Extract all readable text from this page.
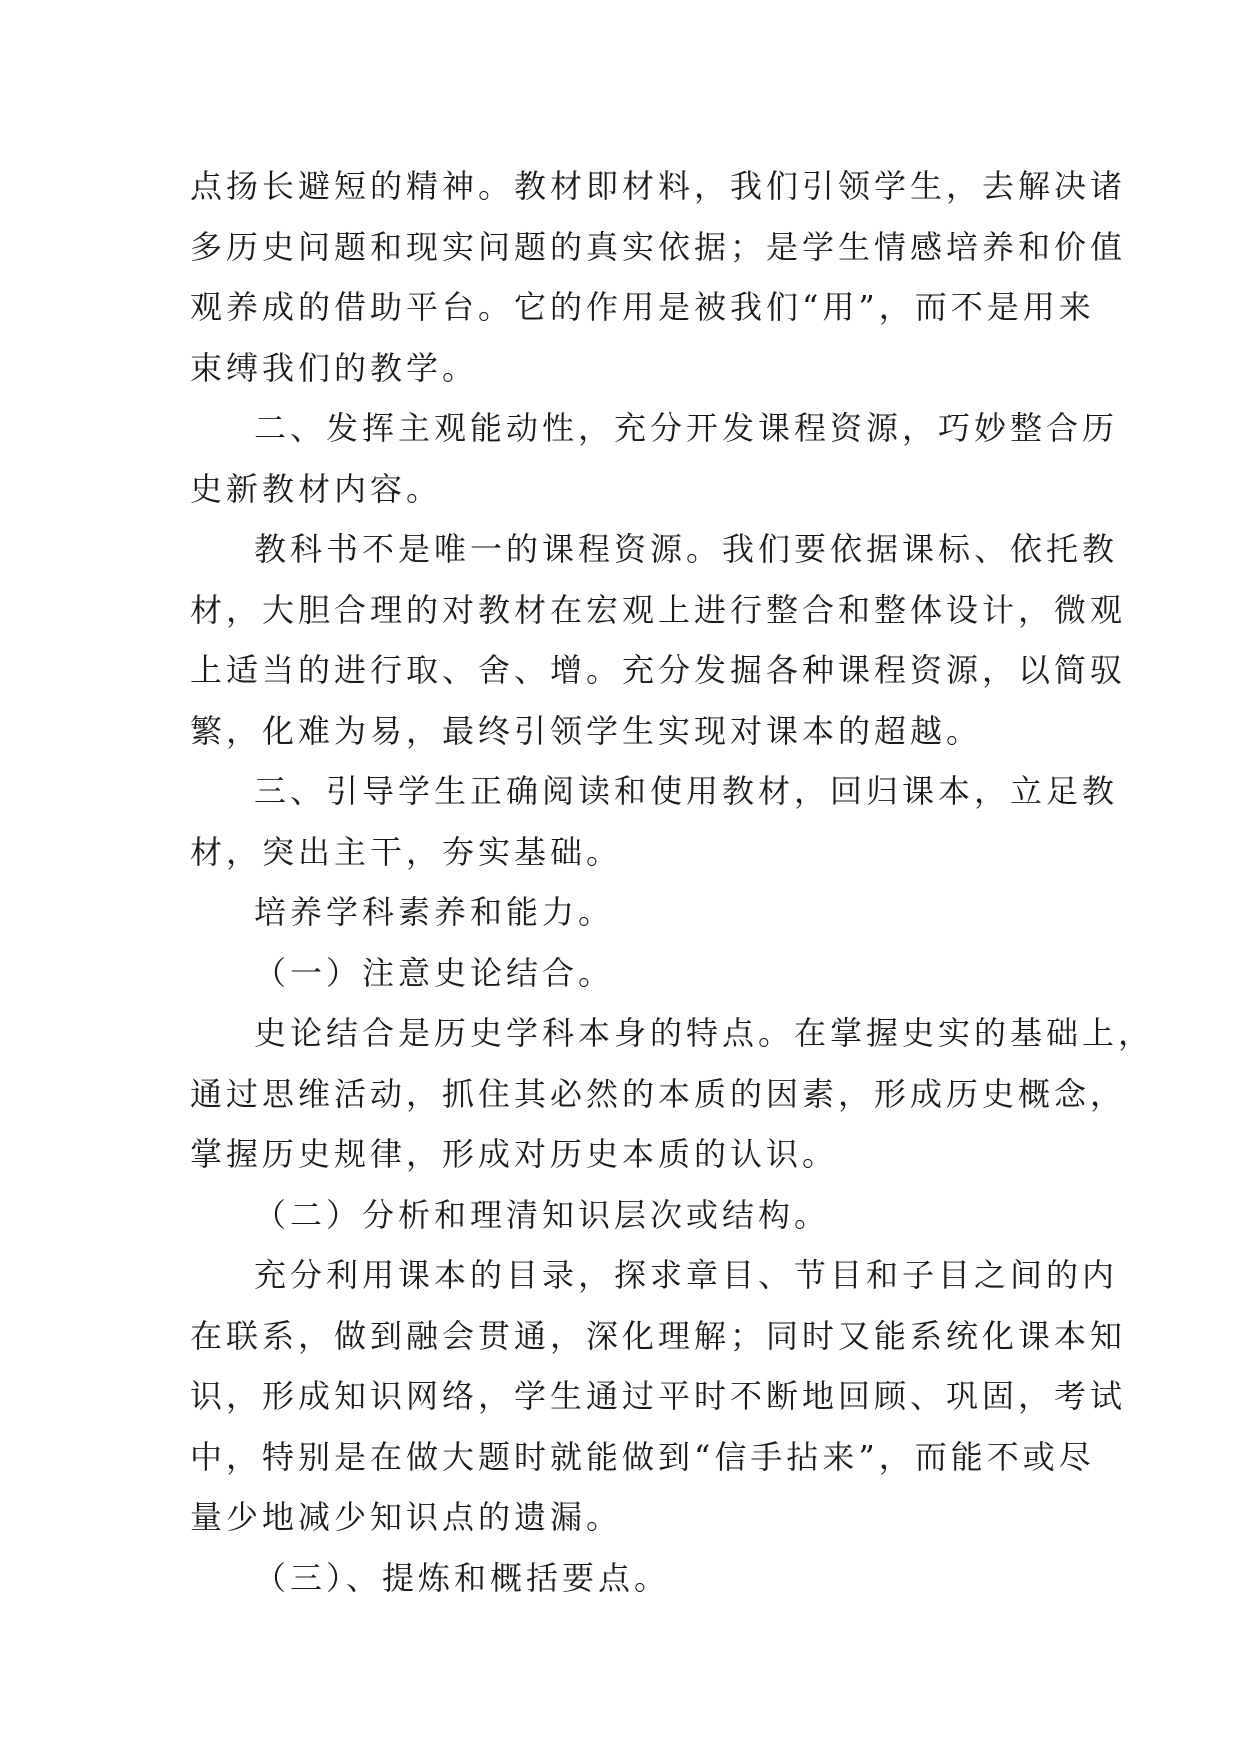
点扬长避短的精神。教材即材料，我们引领学生，去解决诸
多历史问题和现实问题的真实依据；是学生情感培养和价值
观养成的借助平台。它的作用是被我们“用”，而不是用来
束缚我们的教学。
二、发挥主观能动性，充分开发课程资源，巧妙整合历
史新教材内容。
教科书不是唯一的课程资源。我们要依据课标、依托教
材，大胆合理的对教材在宏观上进行整合和整体设计，微观
上适当的进行取、舍、增。充分发掘各种课程资源，以简驭
繁，化难为易，最终引领学生实现对课本的超越。
三、引导学生正确阅读和使用教材，回归课本，立足教
材，突出主干，夯实基础。
培养学科素养和能力。
（一）注意史论结合。
史论结合是历史学科本身的特点。在掌握史实的基础上，
通过思维活动，抓住其必然的本质的因素，形成历史概念，
掌握历史规律，形成对历史本质的认识。
（二）分析和理清知识层次或结构。
充分利用课本的目录，探求章目、节目和子目之间的内
在联系，做到融会贯通，深化理解；同时又能系统化课本知
识，形成知识网络，学生通过平时不断地回顾、巩固，考试
中，特别是在做大题时就能做到“信手拈来”，而能不或尽
量少地减少知识点的遗漏。
（三）、提炼和概括要点。
